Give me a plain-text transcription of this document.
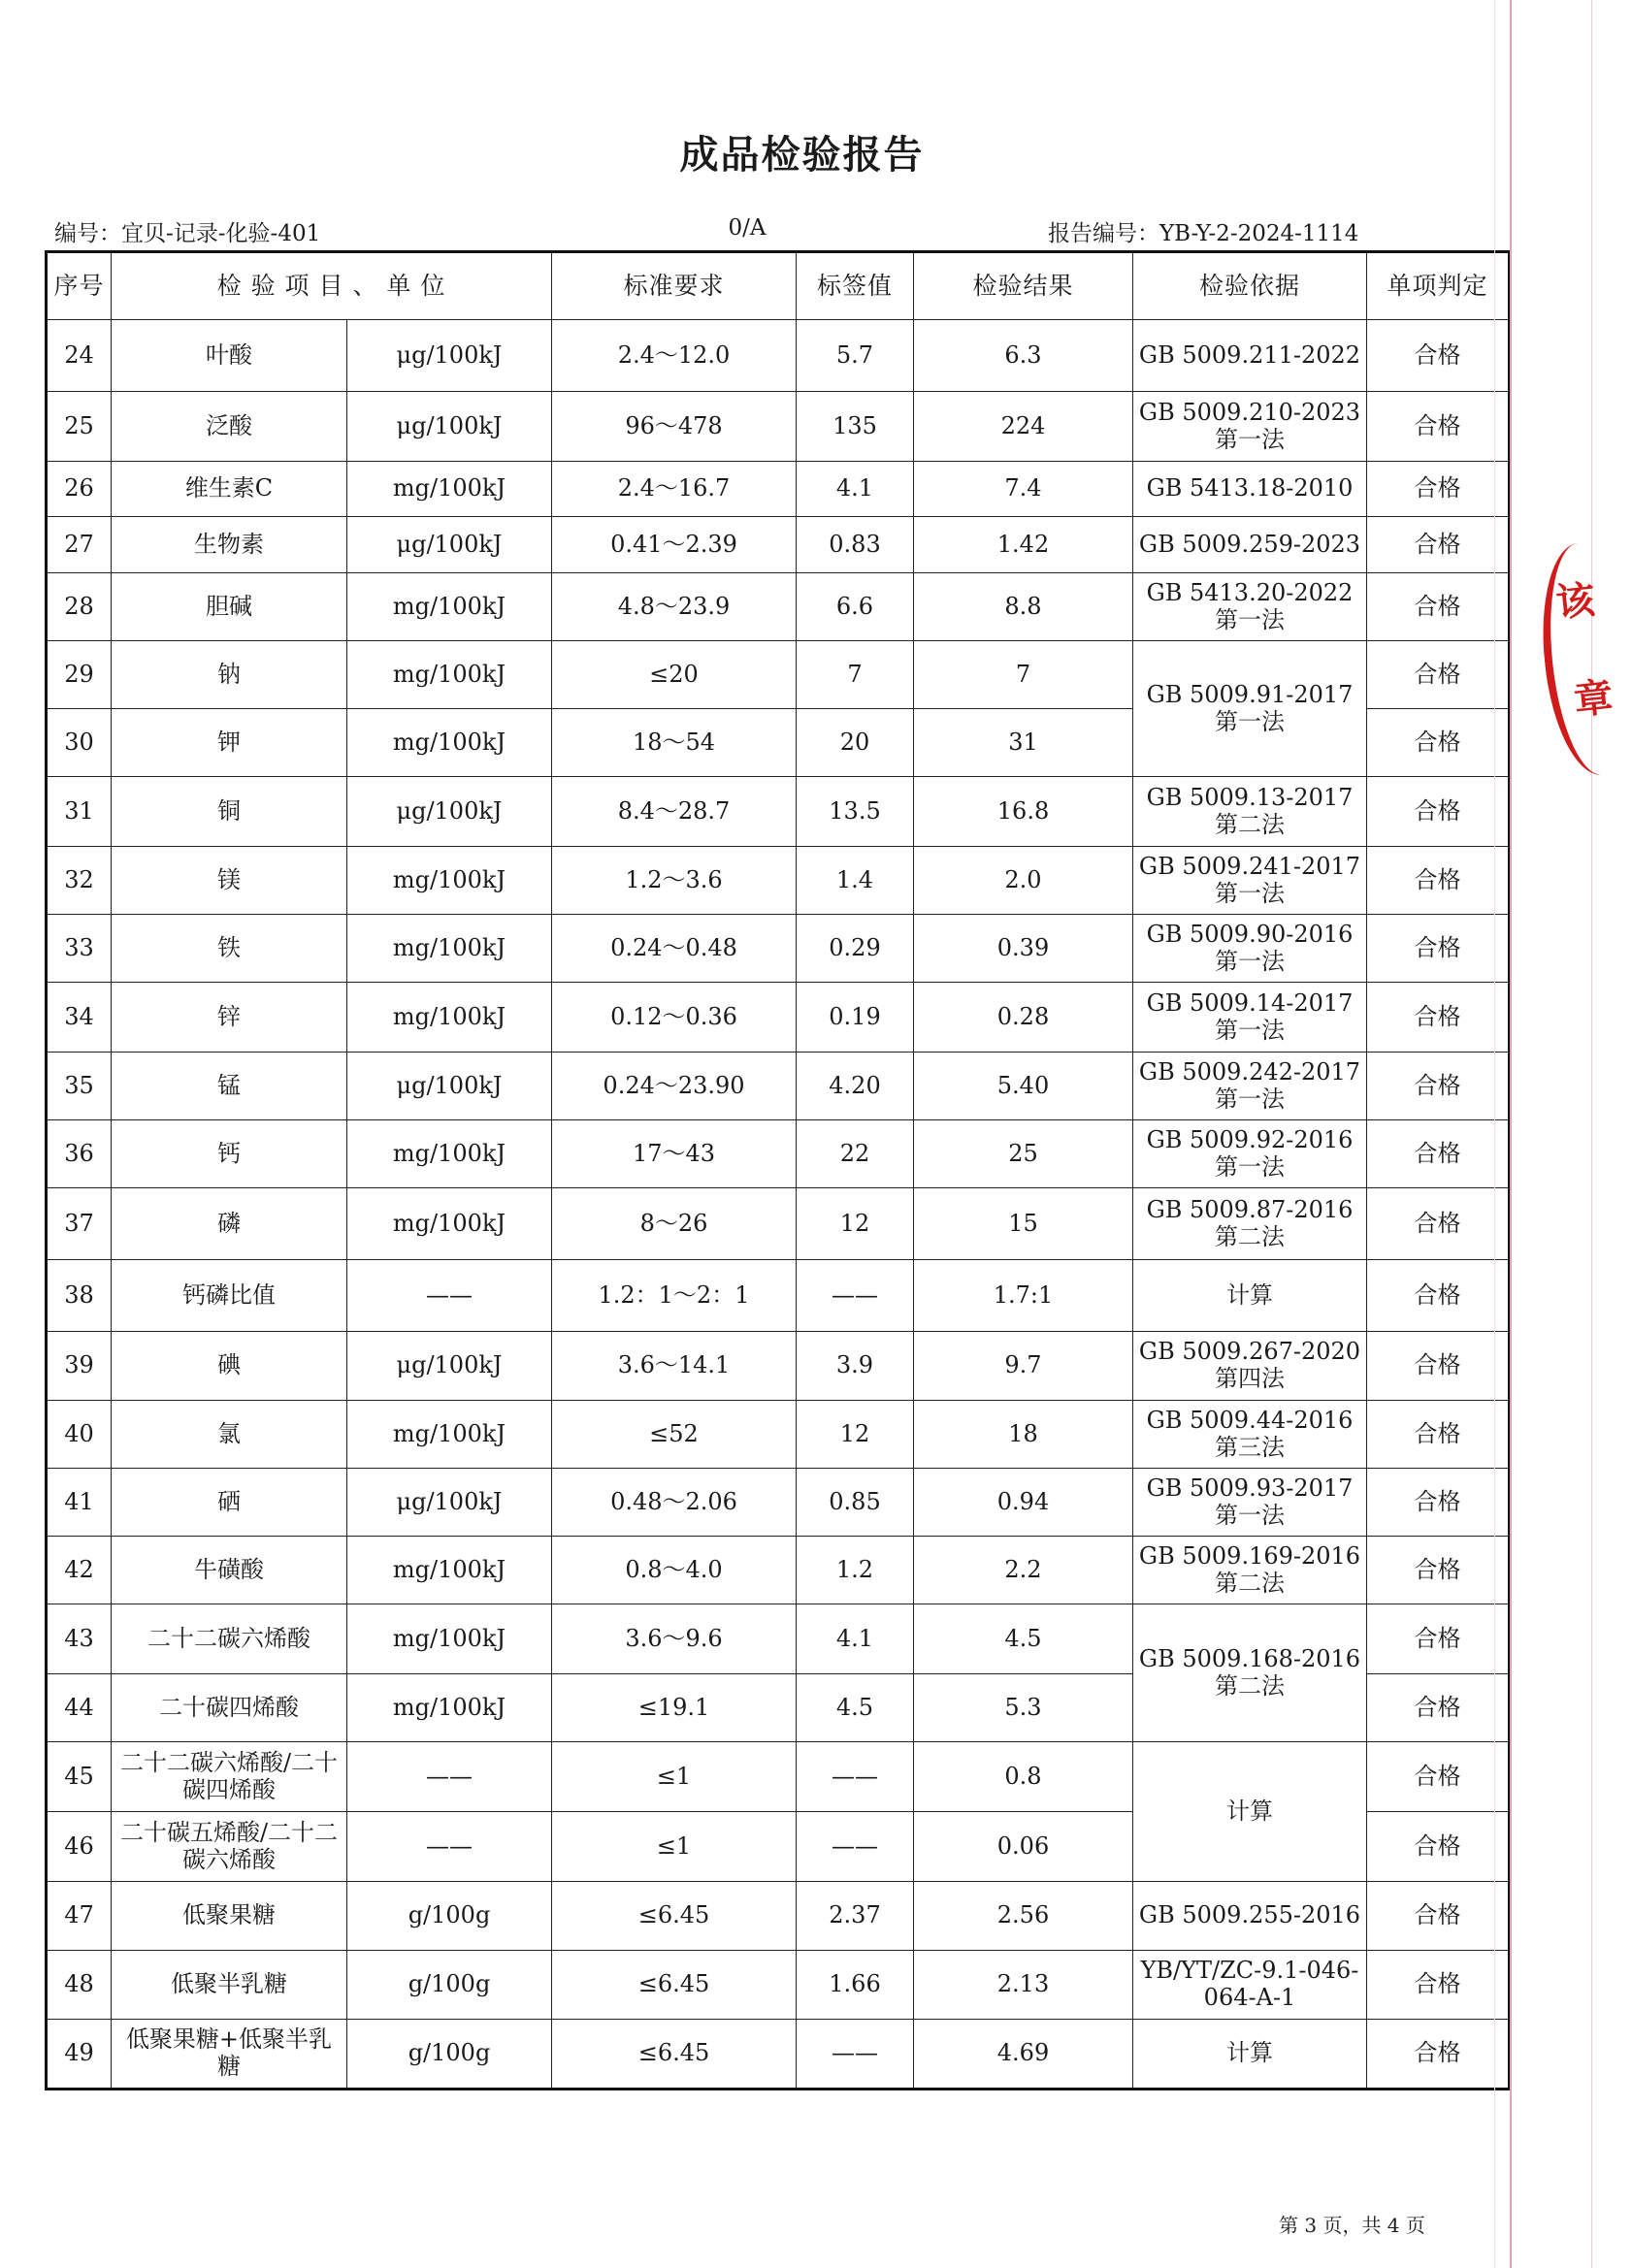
成品检验报告
编号：宜贝-记录-化验-401	0/A	报告编号：YB-Y-2-2024-1114
序号	检 验 项 目 、 单 位		标准要求	标签值	检验结果	检验依据	单项判定
24	叶酸	μg/100kJ	2.4～12.0	5.7	6.3	GB 5009.211-2022	合格
25	泛酸	μg/100kJ	96～478	135	224	GB 5009.210-2023 第一法	合格
26	维生素C	mg/100kJ	2.4～16.7	4.1	7.4	GB 5413.18-2010	合格
27	生物素	μg/100kJ	0.41～2.39	0.83	1.42	GB 5009.259-2023	合格
28	胆碱	mg/100kJ	4.8～23.9	6.6	8.8	GB 5413.20-2022 第一法	合格
29	钠	mg/100kJ	≤20	7	7	GB 5009.91-2017 第一法	合格
30	钾	mg/100kJ	18～54	20	31		合格
31	铜	μg/100kJ	8.4～28.7	13.5	16.8	GB 5009.13-2017 第二法	合格
32	镁	mg/100kJ	1.2～3.6	1.4	2.0	GB 5009.241-2017 第一法	合格
33	铁	mg/100kJ	0.24～0.48	0.29	0.39	GB 5009.90-2016 第一法	合格
34	锌	mg/100kJ	0.12～0.36	0.19	0.28	GB 5009.14-2017 第一法	合格
35	锰	μg/100kJ	0.24～23.90	4.20	5.40	GB 5009.242-2017 第一法	合格
36	钙	mg/100kJ	17～43	22	25	GB 5009.92-2016 第一法	合格
37	磷	mg/100kJ	8～26	12	15	GB 5009.87-2016 第二法	合格
38	钙磷比值	——	1.2：1～2：1	——	1.7:1	计算	合格
39	碘	μg/100kJ	3.6～14.1	3.9	9.7	GB 5009.267-2020 第四法	合格
40	氯	mg/100kJ	≤52	12	18	GB 5009.44-2016 第三法	合格
41	硒	μg/100kJ	0.48～2.06	0.85	0.94	GB 5009.93-2017 第一法	合格
42	牛磺酸	mg/100kJ	0.8～4.0	1.2	2.2	GB 5009.169-2016 第二法	合格
43	二十二碳六烯酸	mg/100kJ	3.6～9.6	4.1	4.5	GB 5009.168-2016 第二法	合格
44	二十碳四烯酸	mg/100kJ	≤19.1	4.5	5.3		合格
45	二十二碳六烯酸/二十碳四烯酸	——	≤1	——	0.8	计算	合格
46	二十碳五烯酸/二十二碳六烯酸	——	≤1	——	0.06		合格
47	低聚果糖	g/100g	≤6.45	2.37	2.56	GB 5009.255-2016	合格
48	低聚半乳糖	g/100g	≤6.45	1.66	2.13	YB/YT/ZC-9.1-046-064-A-1	合格
49	低聚果糖+低聚半乳糖	g/100g	≤6.45	——	4.69	计算	合格
第 3 页，共 4 页
该
章
